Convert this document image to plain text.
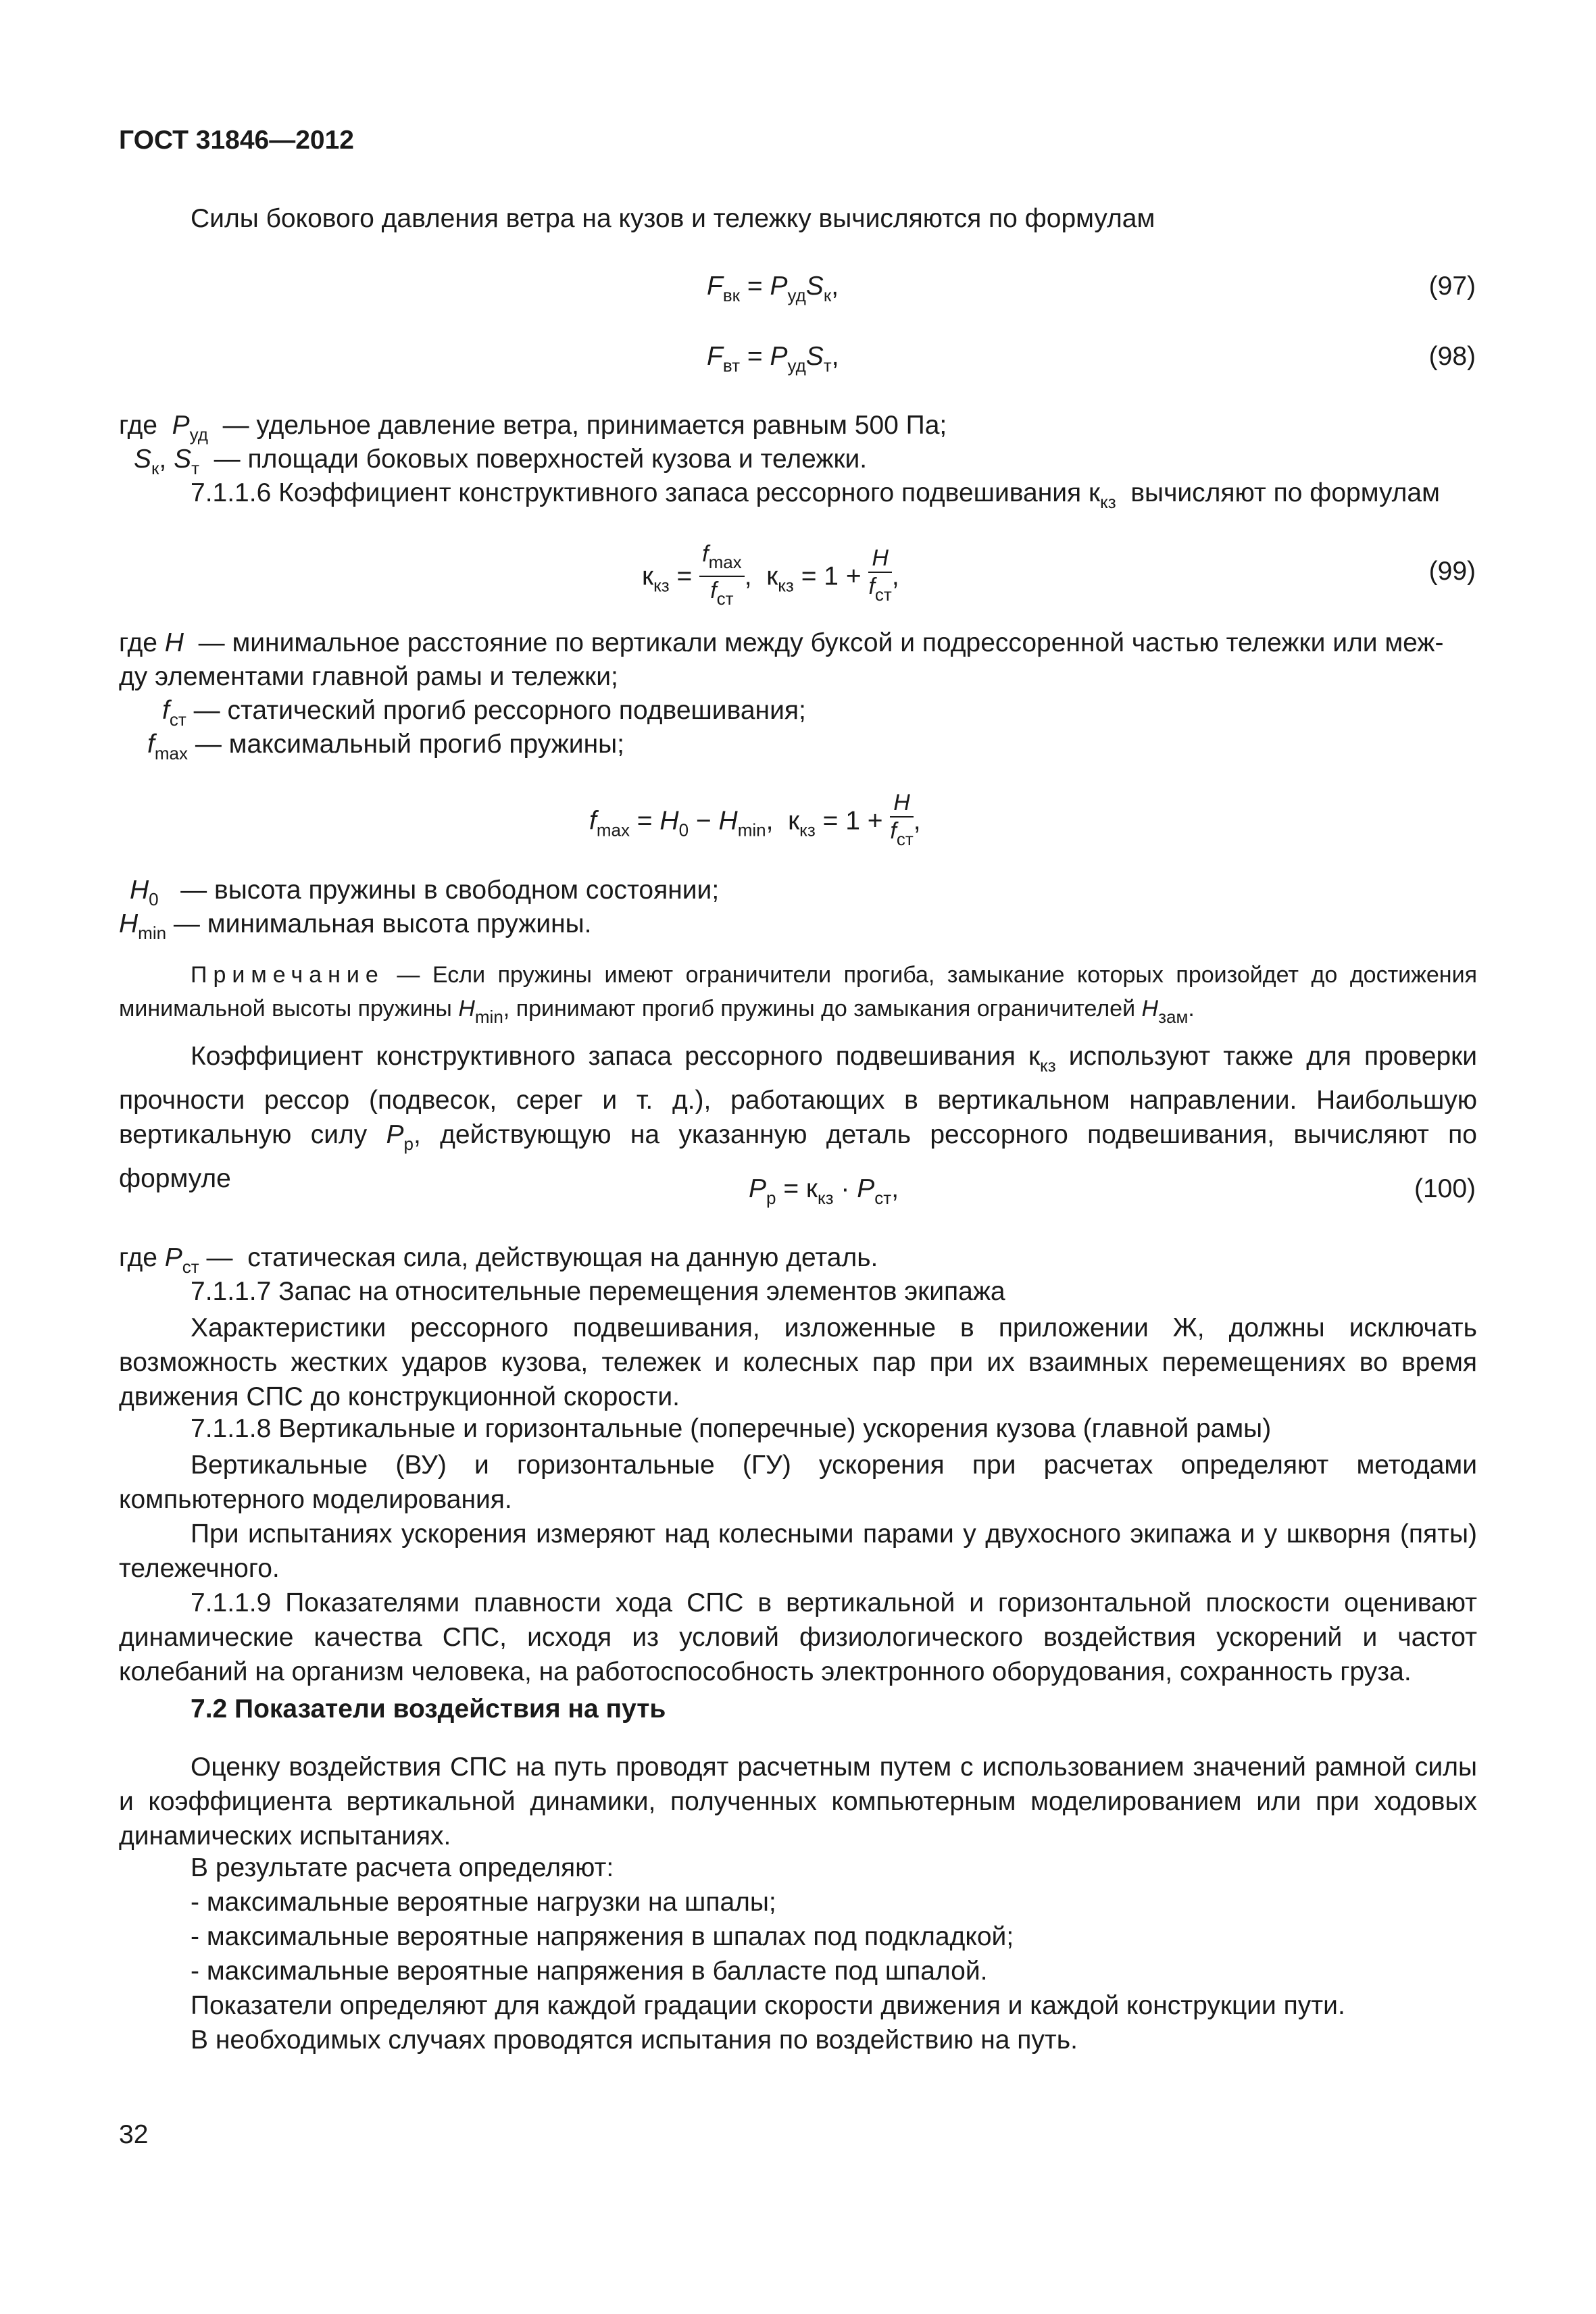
ГОСТ 31846—2012
Силы бокового давления ветра на кузов и тележку вычисляются по формулам
$F_{вк} = P_{уд}S_к$,	(97)
$F_{вт} = P_{уд}S_т$,	(98)
где $P_{уд}$ — удельное давление ветра, принимается равным 500 Па;
$S_к$, $S_т$ — площади боковых поверхностей кузова и тележки.
7.1.1.6 Коэффициент конструктивного запаса рессорного подвешивания $к_{кз}$ вычисляют по формулам
$к_{кз} = \frac{f_{max}}{f_{ст}}$ ,  $к_{кз} = 1 + \frac{H}{f_{ст}}$ ,	(99)
где H — минимальное расстояние по вертикали между буксой и подрессоренной частью тележки или меж-
ду элементами главной рамы и тележки;
$f_{ст}$ — статический прогиб рессорного подвешивания;
$f_{max}$ — максимальный прогиб пружины;
$f_{max} = H_0 - H_{min}$,  $к_{кз} = 1 + \frac{H}{f_{ст}}$ ,
$H_0$ — высота пружины в свободном состоянии;
$H_{min}$ — минимальная высота пружины.
Примечание — Если пружины имеют ограничители прогиба, замыкание которых произойдет до достижения минимальной высоты пружины $H_{min}$, принимают прогиб пружины до замыкания ограничителей $H_{зам}$.
Коэффициент конструктивного запаса рессорного подвешивания $к_{кз}$ используют также для проверки прочности рессор (подвесок, серег и т. д.), работающих в вертикальном направлении. Наибольшую вертикальную силу $P_р$, действующую на указанную деталь рессорного подвешивания, вычисляют по формуле	$P_р = к_{кз} \cdot P_{ст}$,	(100)
где $P_{ст}$ —  статическая сила, действующая на данную деталь.
7.1.1.7 Запас на относительные перемещения элементов экипажа
Характеристики рессорного подвешивания, изложенные в приложении Ж, должны исключать возможность жестких ударов кузова, тележек и колесных пар при их взаимных перемещениях во время движения СПС до конструкционной скорости.
7.1.1.8 Вертикальные и горизонтальные (поперечные) ускорения кузова (главной рамы)
Вертикальные (ВУ) и горизонтальные (ГУ) ускорения при расчетах определяют методами компьютерного моделирования.
При испытаниях ускорения измеряют над колесными парами у двухосного экипажа и у шкворня (пяты) тележечного.
7.1.1.9 Показателями плавности хода СПС в вертикальной и горизонтальной плоскости оценивают динамические качества СПС, исходя из условий физиологического воздействия ускорений и частот колебаний на организм человека, на работоспособность электронного оборудования, сохранность груза.
7.2 Показатели воздействия на путь
Оценку воздействия СПС на путь проводят расчетным путем с использованием значений рамной силы и коэффициента вертикальной динамики, полученных компьютерным моделированием или при ходовых динамических испытаниях.
В результате расчета определяют:
- максимальные вероятные нагрузки на шпалы;
- максимальные вероятные напряжения в шпалах под подкладкой;
- максимальные вероятные напряжения в балласте под шпалой.
Показатели определяют для каждой градации скорости движения и каждой конструкции пути.
В необходимых случаях проводятся испытания по воздействию на путь.
32
